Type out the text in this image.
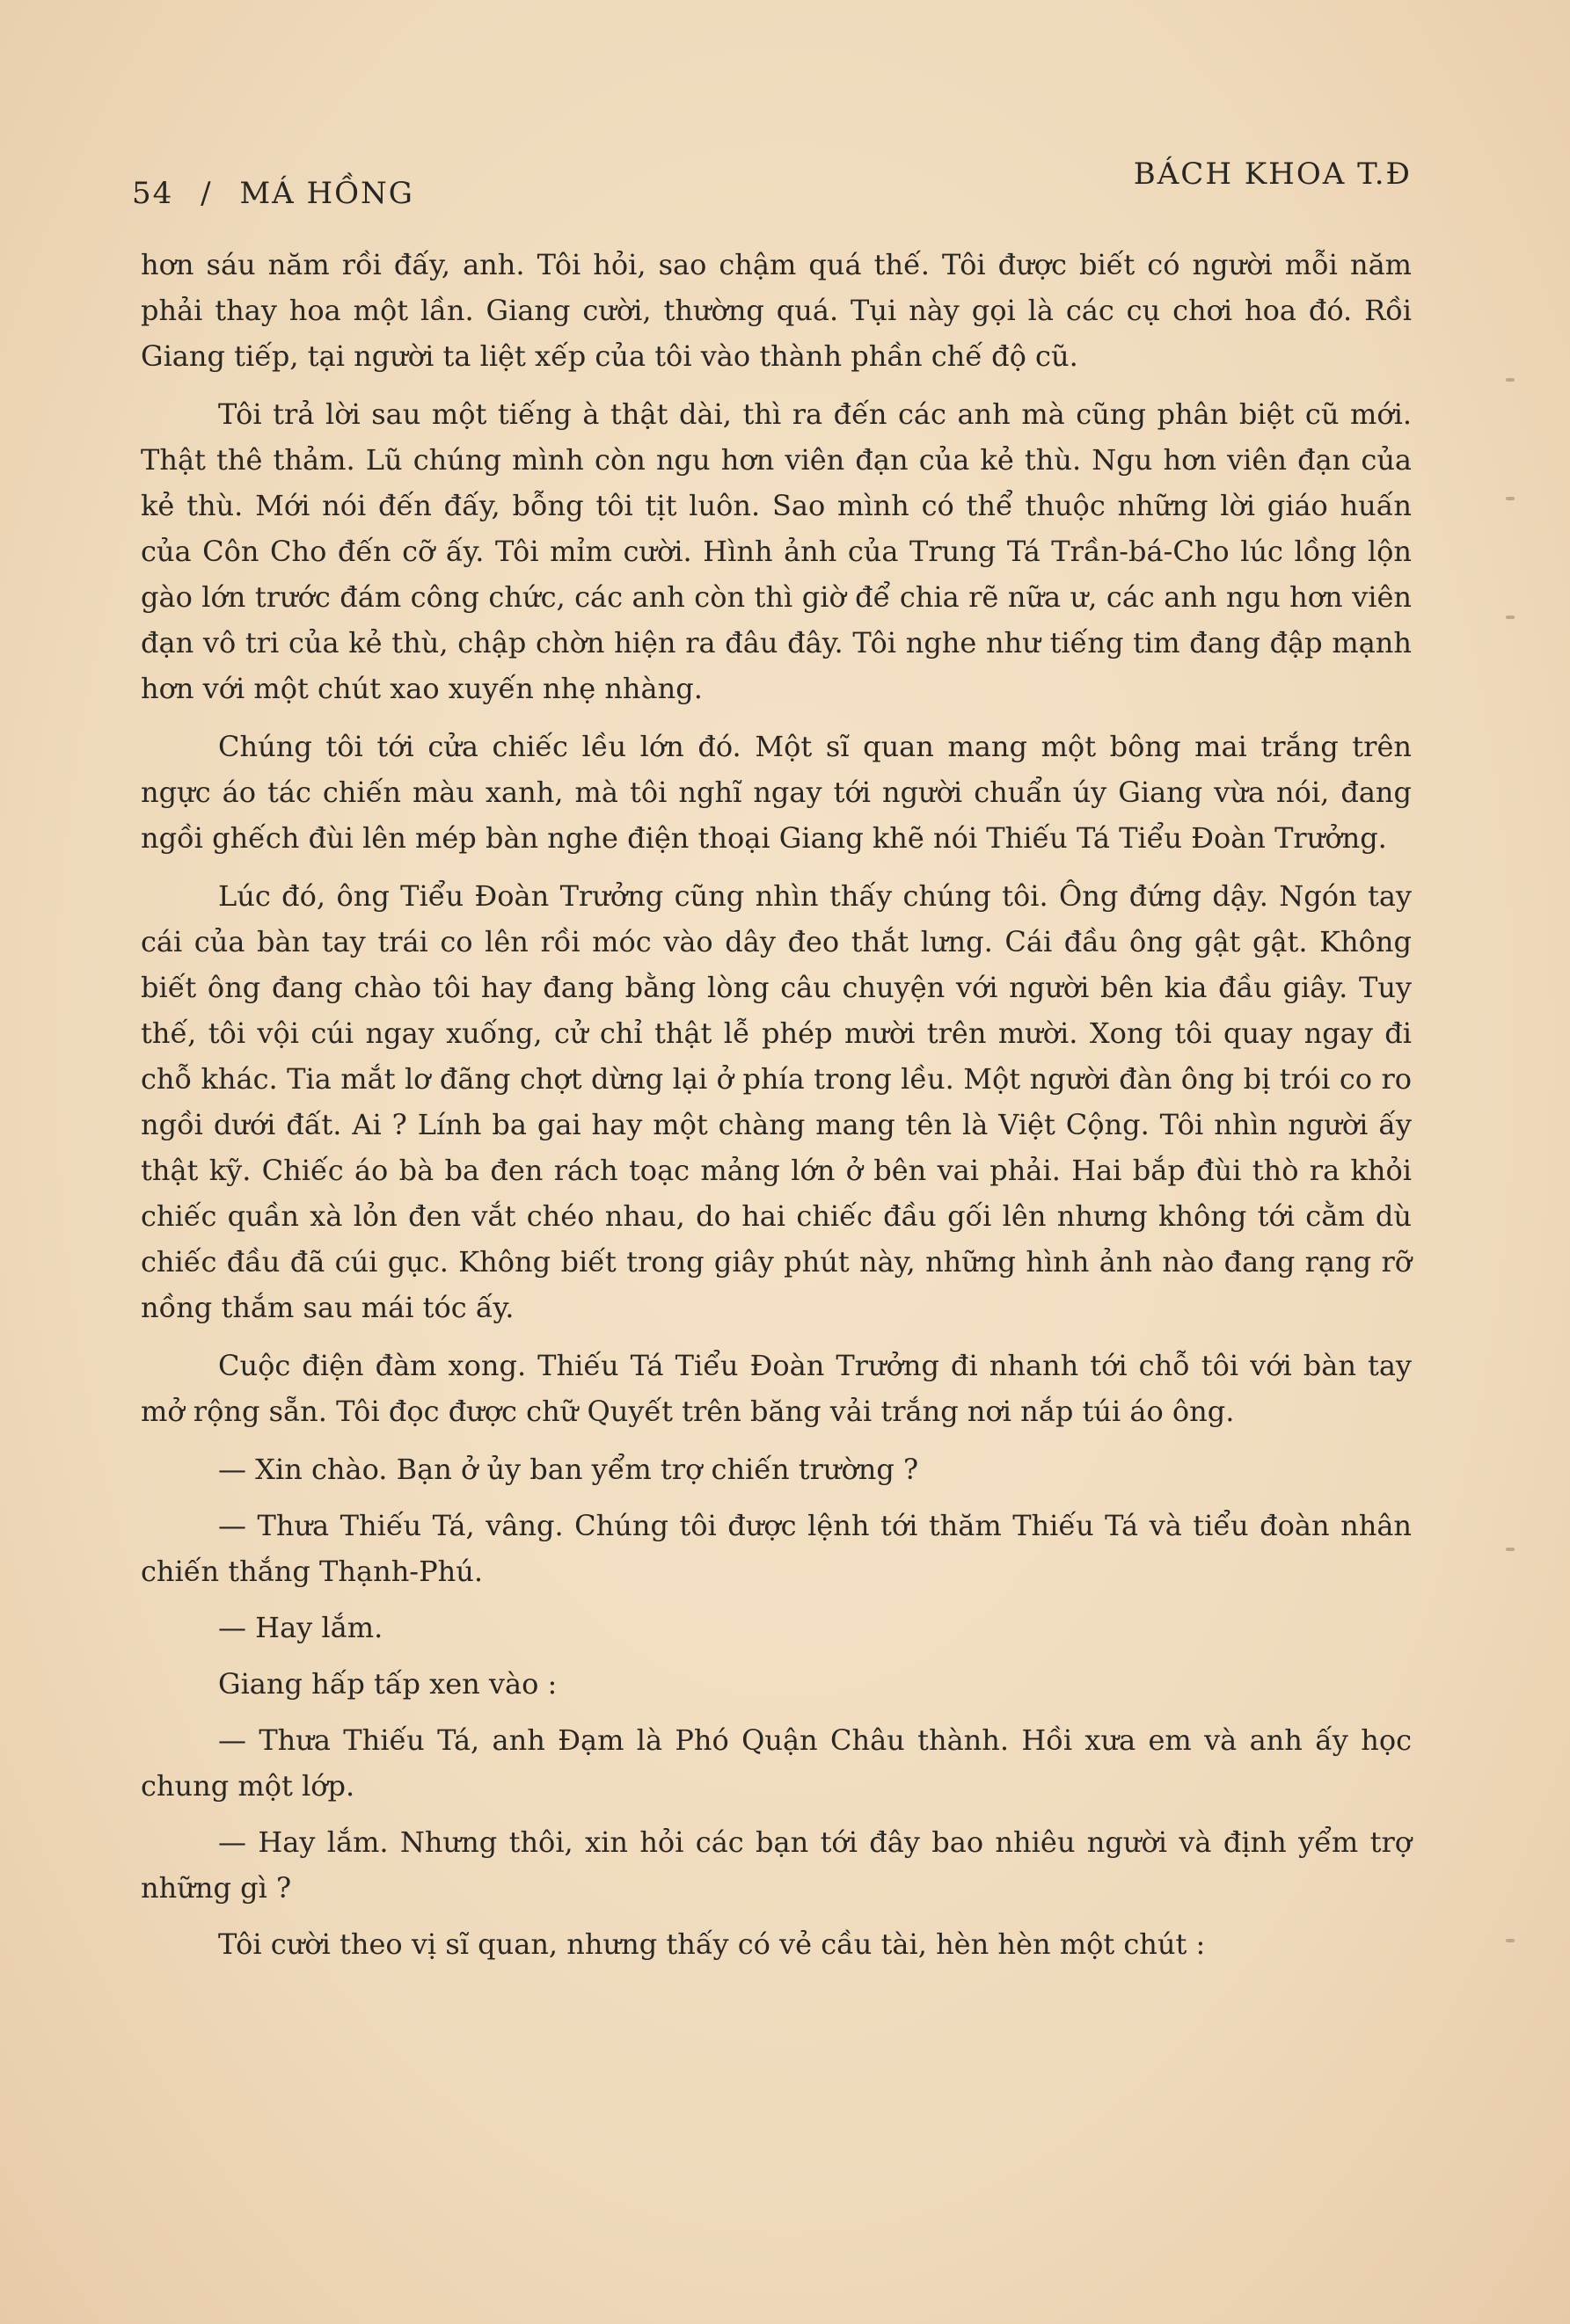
54 / MÁ HỒNG
BÁCH KHOA T.Đ

hơn sáu năm rồi đấy, anh. Tôi hỏi, sao chậm quá thế. Tôi được biết có người mỗi năm phải thay hoa một lần. Giang cười, thường quá. Tụi này gọi là các cụ chơi hoa đó. Rồi Giang tiếp, tại người ta liệt xếp của tôi vào thành phần chế độ cũ.

Tôi trả lời sau một tiếng à thật dài, thì ra đến các anh mà cũng phân biệt cũ mới. Thật thê thảm. Lũ chúng mình còn ngu hơn viên đạn của kẻ thù. Ngu hơn viên đạn của kẻ thù. Mới nói đến đấy, bỗng tôi tịt luôn. Sao mình có thể thuộc những lời giáo huấn của Côn Cho đến cỡ ấy. Tôi mỉm cười. Hình ảnh của Trung Tá Trần-bá-Cho lúc lồng lộn gào lớn trước đám công chức, các anh còn thì giờ để chia rẽ nữa ư, các anh ngu hơn viên đạn vô tri của kẻ thù, chập chờn hiện ra đâu đây. Tôi nghe như tiếng tim đang đập mạnh hơn với một chút xao xuyến nhẹ nhàng.

Chúng tôi tới cửa chiếc lều lớn đó. Một sĩ quan mang một bông mai trắng trên ngực áo tác chiến màu xanh, mà tôi nghĩ ngay tới người chuẩn úy Giang vừa nói, đang ngồi ghếch đùi lên mép bàn nghe điện thoại Giang khẽ nói Thiếu Tá Tiểu Đoàn Trưởng.

Lúc đó, ông Tiểu Đoàn Trưởng cũng nhìn thấy chúng tôi. Ông đứng dậy. Ngón tay cái của bàn tay trái co lên rồi móc vào dây đeo thắt lưng. Cái đầu ông gật gật. Không biết ông đang chào tôi hay đang bằng lòng câu chuyện với người bên kia đầu giây. Tuy thế, tôi vội cúi ngay xuống, cử chỉ thật lễ phép mười trên mười. Xong tôi quay ngay đi chỗ khác. Tia mắt lơ đãng chợt dừng lại ở phía trong lều. Một người đàn ông bị trói co ro ngồi dưới đất. Ai ? Lính ba gai hay một chàng mang tên là Việt Cộng. Tôi nhìn người ấy thật kỹ. Chiếc áo bà ba đen rách toạc mảng lớn ở bên vai phải. Hai bắp đùi thò ra khỏi chiếc quần xà lỏn đen vắt chéo nhau, do hai chiếc đầu gối lên nhưng không tới cằm dù chiếc đầu đã cúi gục. Không biết trong giây phút này, những hình ảnh nào đang rạng rỡ nồng thắm sau mái tóc ấy.

Cuộc điện đàm xong. Thiếu Tá Tiểu Đoàn Trưởng đi nhanh tới chỗ tôi với bàn tay mở rộng sẵn. Tôi đọc được chữ Quyết trên băng vải trắng nơi nắp túi áo ông.

— Xin chào. Bạn ở ủy ban yểm trợ chiến trường ?

— Thưa Thiếu Tá, vâng. Chúng tôi được lệnh tới thăm Thiếu Tá và tiểu đoàn nhân chiến thắng Thạnh-Phú.

— Hay lắm.

Giang hấp tấp xen vào :

— Thưa Thiếu Tá, anh Đạm là Phó Quận Châu thành. Hồi xưa em và anh ấy học chung một lớp.

— Hay lắm. Nhưng thôi, xin hỏi các bạn tới đây bao nhiêu người và định yểm trợ những gì ?

Tôi cười theo vị sĩ quan, nhưng thấy có vẻ cầu tài, hèn hèn một chút :
